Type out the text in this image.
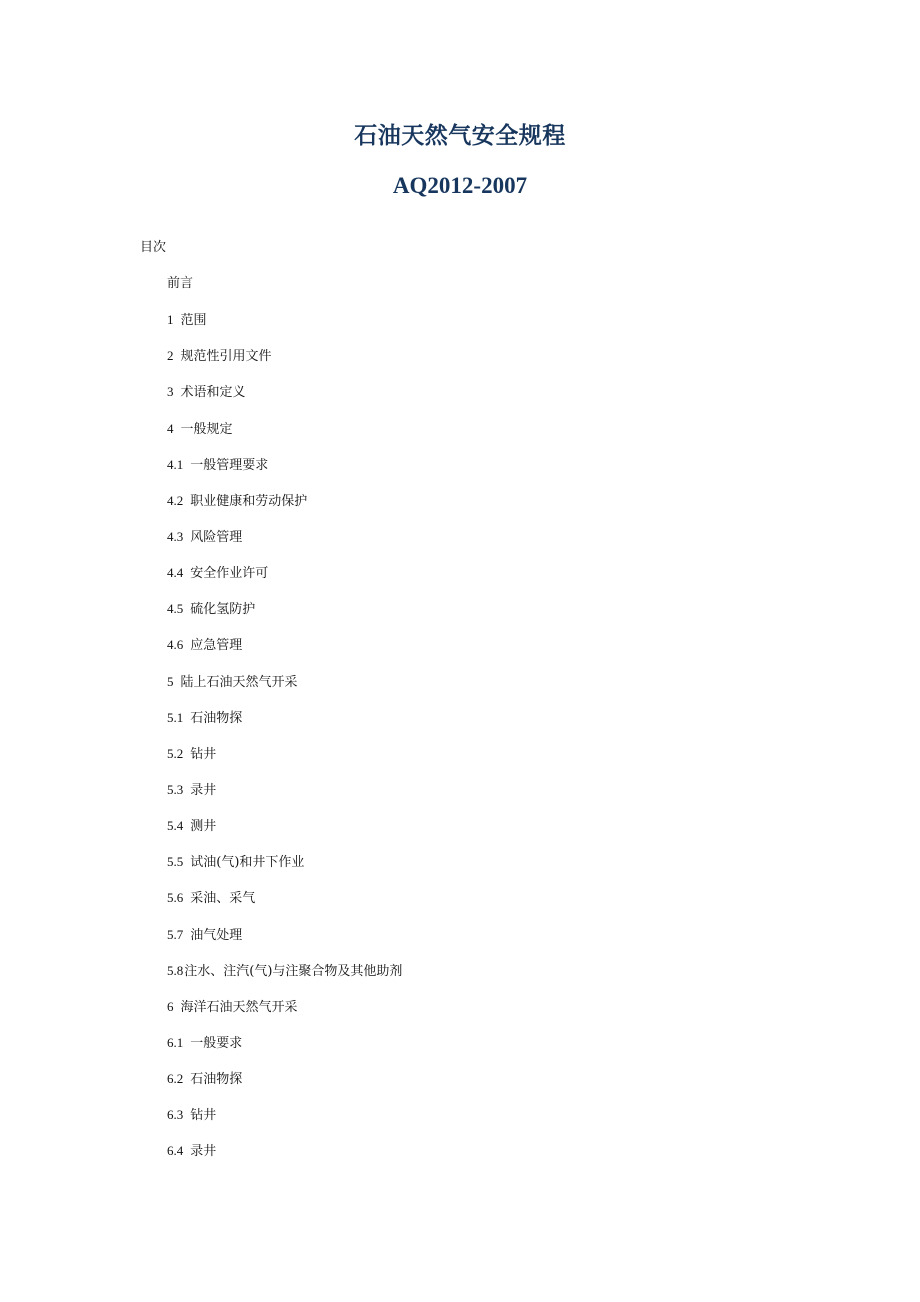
石油天然气安全规程
AQ2012-2007

目次

前言
1 范围
2 规范性引用文件
3 术语和定义
4 一般规定
4.1 一般管理要求
4.2 职业健康和劳动保护
4.3 风险管理
4.4 安全作业许可
4.5 硫化氢防护
4.6 应急管理
5 陆上石油天然气开采
5.1 石油物探
5.2 钻井
5.3 录井
5.4 测井
5.5 试油(气)和井下作业
5.6 采油、采气
5.7 油气处理
5.8注水、注汽(气)与注聚合物及其他助剂
6 海洋石油天然气开采
6.1 一般要求
6.2 石油物探
6.3 钻井
6.4 录井
